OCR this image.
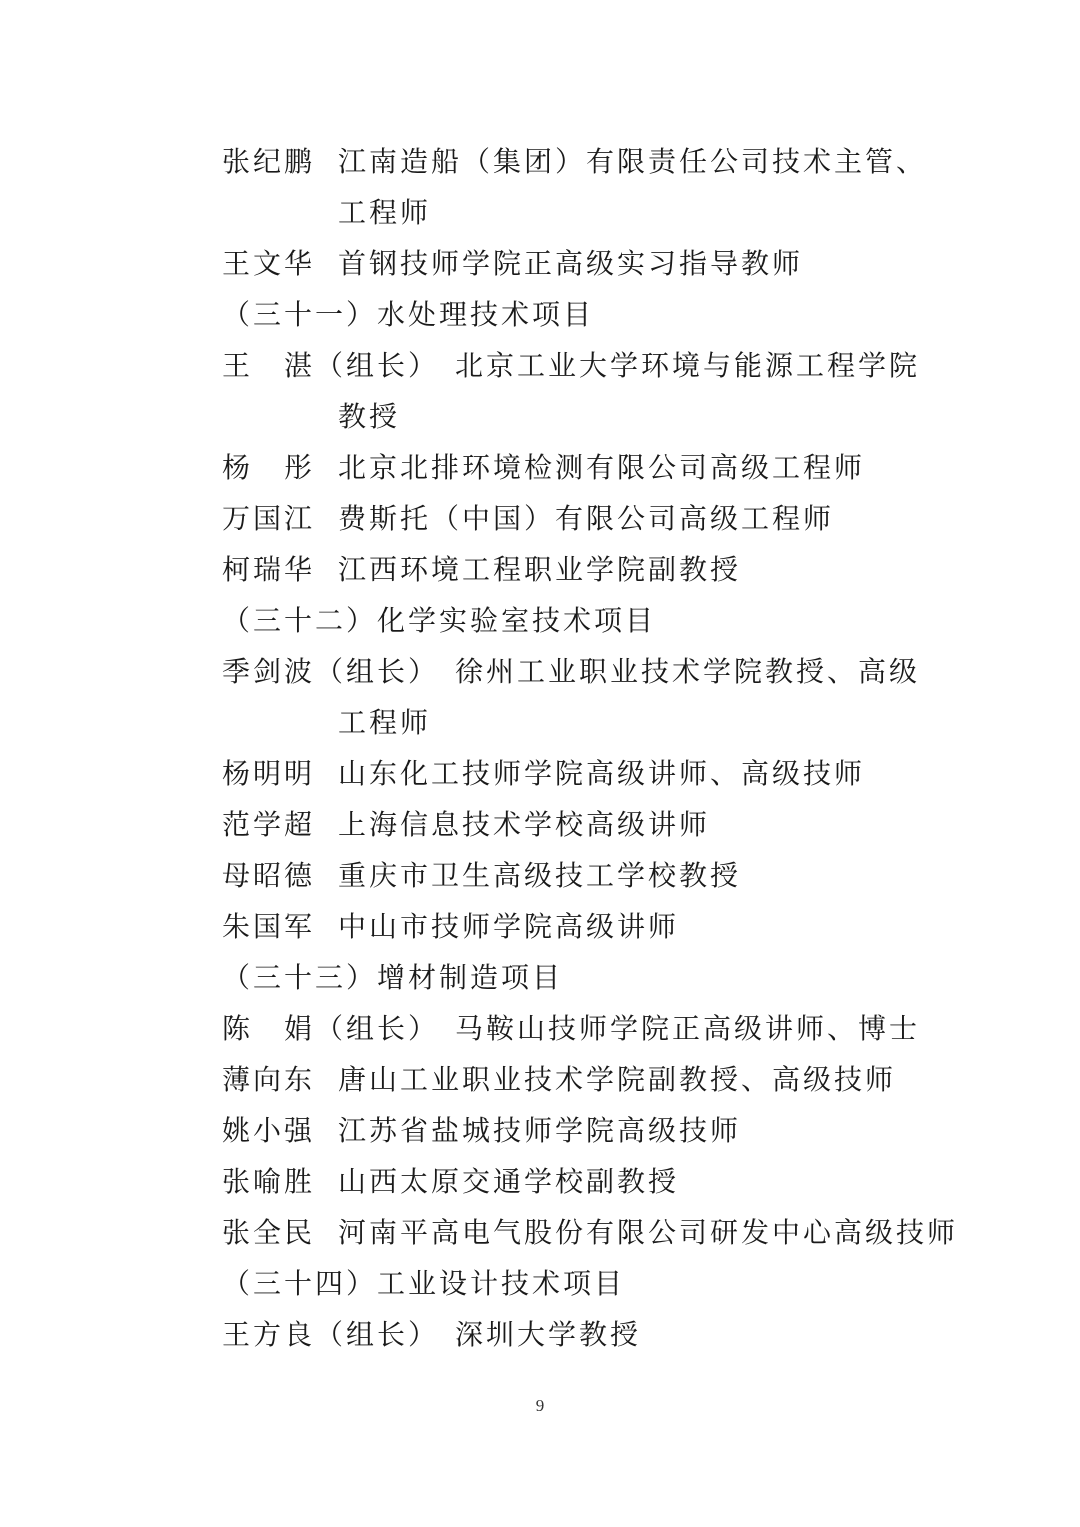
张纪鹏 江南造船（集团）有限责任公司技术主管、
工程师
王文华 首钢技师学院正高级实习指导教师
（三十一）水处理技术项目
王　湛（组长） 北京工业大学环境与能源工程学院
教授
杨　彤 北京北排环境检测有限公司高级工程师
万国江 费斯托（中国）有限公司高级工程师
柯瑞华 江西环境工程职业学院副教授
（三十二）化学实验室技术项目
季剑波（组长） 徐州工业职业技术学院教授、高级
工程师
杨明明 山东化工技师学院高级讲师、高级技师
范学超 上海信息技术学校高级讲师
母昭德 重庆市卫生高级技工学校教授
朱国军 中山市技师学院高级讲师
（三十三）增材制造项目
陈　娟（组长） 马鞍山技师学院正高级讲师、博士
薄向东 唐山工业职业技术学院副教授、高级技师
姚小强 江苏省盐城技师学院高级技师
张喻胜 山西太原交通学校副教授
张全民 河南平高电气股份有限公司研发中心高级技师
（三十四）工业设计技术项目
王方良（组长） 深圳大学教授
9
